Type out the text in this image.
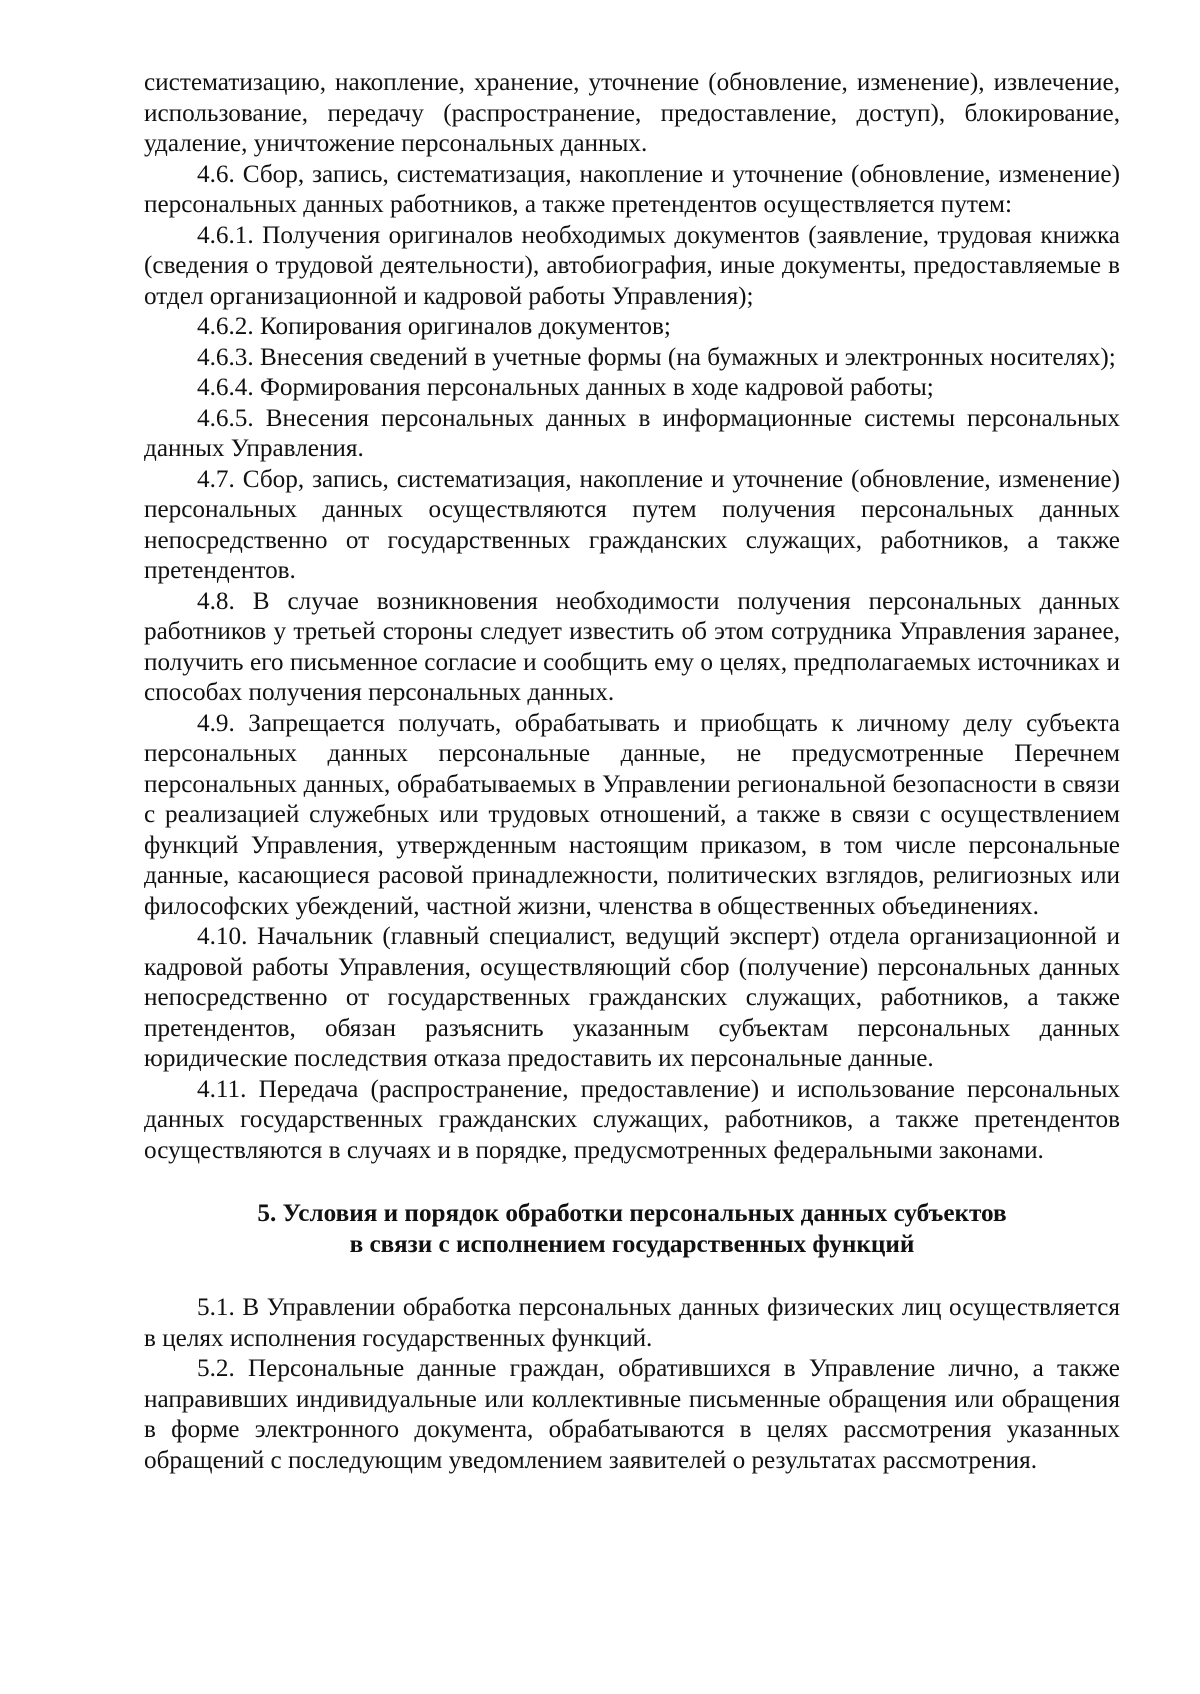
систематизацию, накопление, хранение, уточнение (обновление, изменение), извлечение, использование, передачу (распространение, предоставление, доступ), блокирование, удаление, уничтожение персональных данных.

4.6. Сбор, запись, систематизация, накопление и уточнение (обновление, изменение) персональных данных работников, а также претендентов осуществляется путем:

4.6.1. Получения оригиналов необходимых документов (заявление, трудовая книжка (сведения о трудовой деятельности), автобиография, иные документы, предоставляемые в отдел организационной и кадровой работы Управления);

4.6.2. Копирования оригиналов документов;

4.6.3. Внесения сведений в учетные формы (на бумажных и электронных носителях);

4.6.4. Формирования персональных данных в ходе кадровой работы;

4.6.5. Внесения персональных данных в информационные системы персональных данных Управления.

4.7. Сбор, запись, систематизация, накопление и уточнение (обновление, изменение) персональных данных осуществляются путем получения персональных данных непосредственно от государственных гражданских служащих, работников, а также претендентов.

4.8. В случае возникновения необходимости получения персональных данных работников у третьей стороны следует известить об этом сотрудника Управления заранее, получить его письменное согласие и сообщить ему о целях, предполагаемых источниках и способах получения персональных данных.

4.9. Запрещается получать, обрабатывать и приобщать к личному делу субъекта персональных данных персональные данные, не предусмотренные Перечнем персональных данных, обрабатываемых в Управлении региональной безопасности в связи с реализацией служебных или трудовых отношений, а также в связи с осуществлением функций Управления, утвержденным настоящим приказом, в том числе персональные данные, касающиеся расовой принадлежности, политических взглядов, религиозных или философских убеждений, частной жизни, членства в общественных объединениях.

4.10. Начальник (главный специалист, ведущий эксперт) отдела организационной и кадровой работы Управления, осуществляющий сбор (получение) персональных данных непосредственно от государственных гражданских служащих, работников, а также претендентов, обязан разъяснить указанным субъектам персональных данных юридические последствия отказа предоставить их персональные данные.

4.11. Передача (распространение, предоставление) и использование персональных данных государственных гражданских служащих, работников, а также претендентов осуществляются в случаях и в порядке, предусмотренных федеральными законами.

5. Условия и порядок обработки персональных данных субъектов
в связи с исполнением государственных функций

5.1. В Управлении обработка персональных данных физических лиц осуществляется в целях исполнения государственных функций.

5.2. Персональные данные граждан, обратившихся в Управление лично, а также направивших индивидуальные или коллективные письменные обращения или обращения в форме электронного документа, обрабатываются в целях рассмотрения указанных обращений с последующим уведомлением заявителей о результатах рассмотрения.
